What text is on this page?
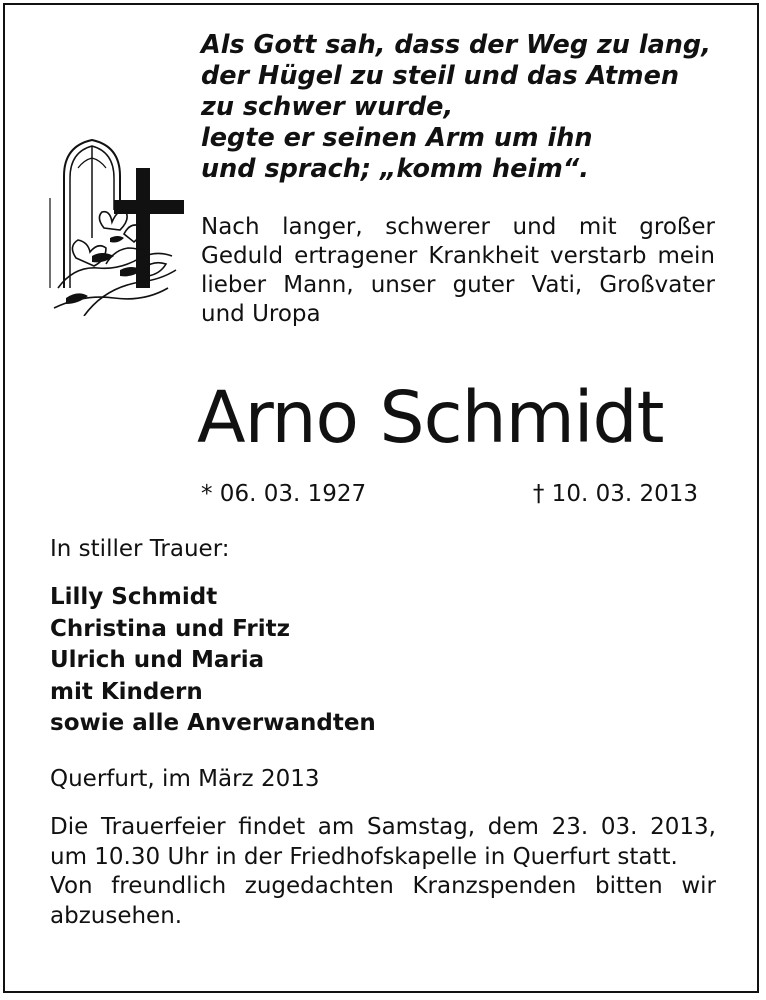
Als Gott sah, dass der Weg zu lang,
der Hügel zu steil und das Atmen
zu schwer wurde,
legte er seinen Arm um ihn
und sprach; „komm heim“.

Nach langer, schwerer und mit großer Geduld ertragener Krankheit verstarb mein lieber Mann, unser guter Vati, Großvater und Uropa

Arno Schmidt
* 06. 03. 1927	† 10. 03. 2013

In stiller Trauer:

Lilly Schmidt
Christina und Fritz
Ulrich und Maria
mit Kindern
sowie alle Anverwandten

Querfurt, im März 2013

Die Trauerfeier findet am Samstag, dem 23. 03. 2013, um 10.30 Uhr in der Friedhofskapelle in Querfurt statt.
Von freundlich zugedachten Kranzspenden bitten wir abzusehen.
